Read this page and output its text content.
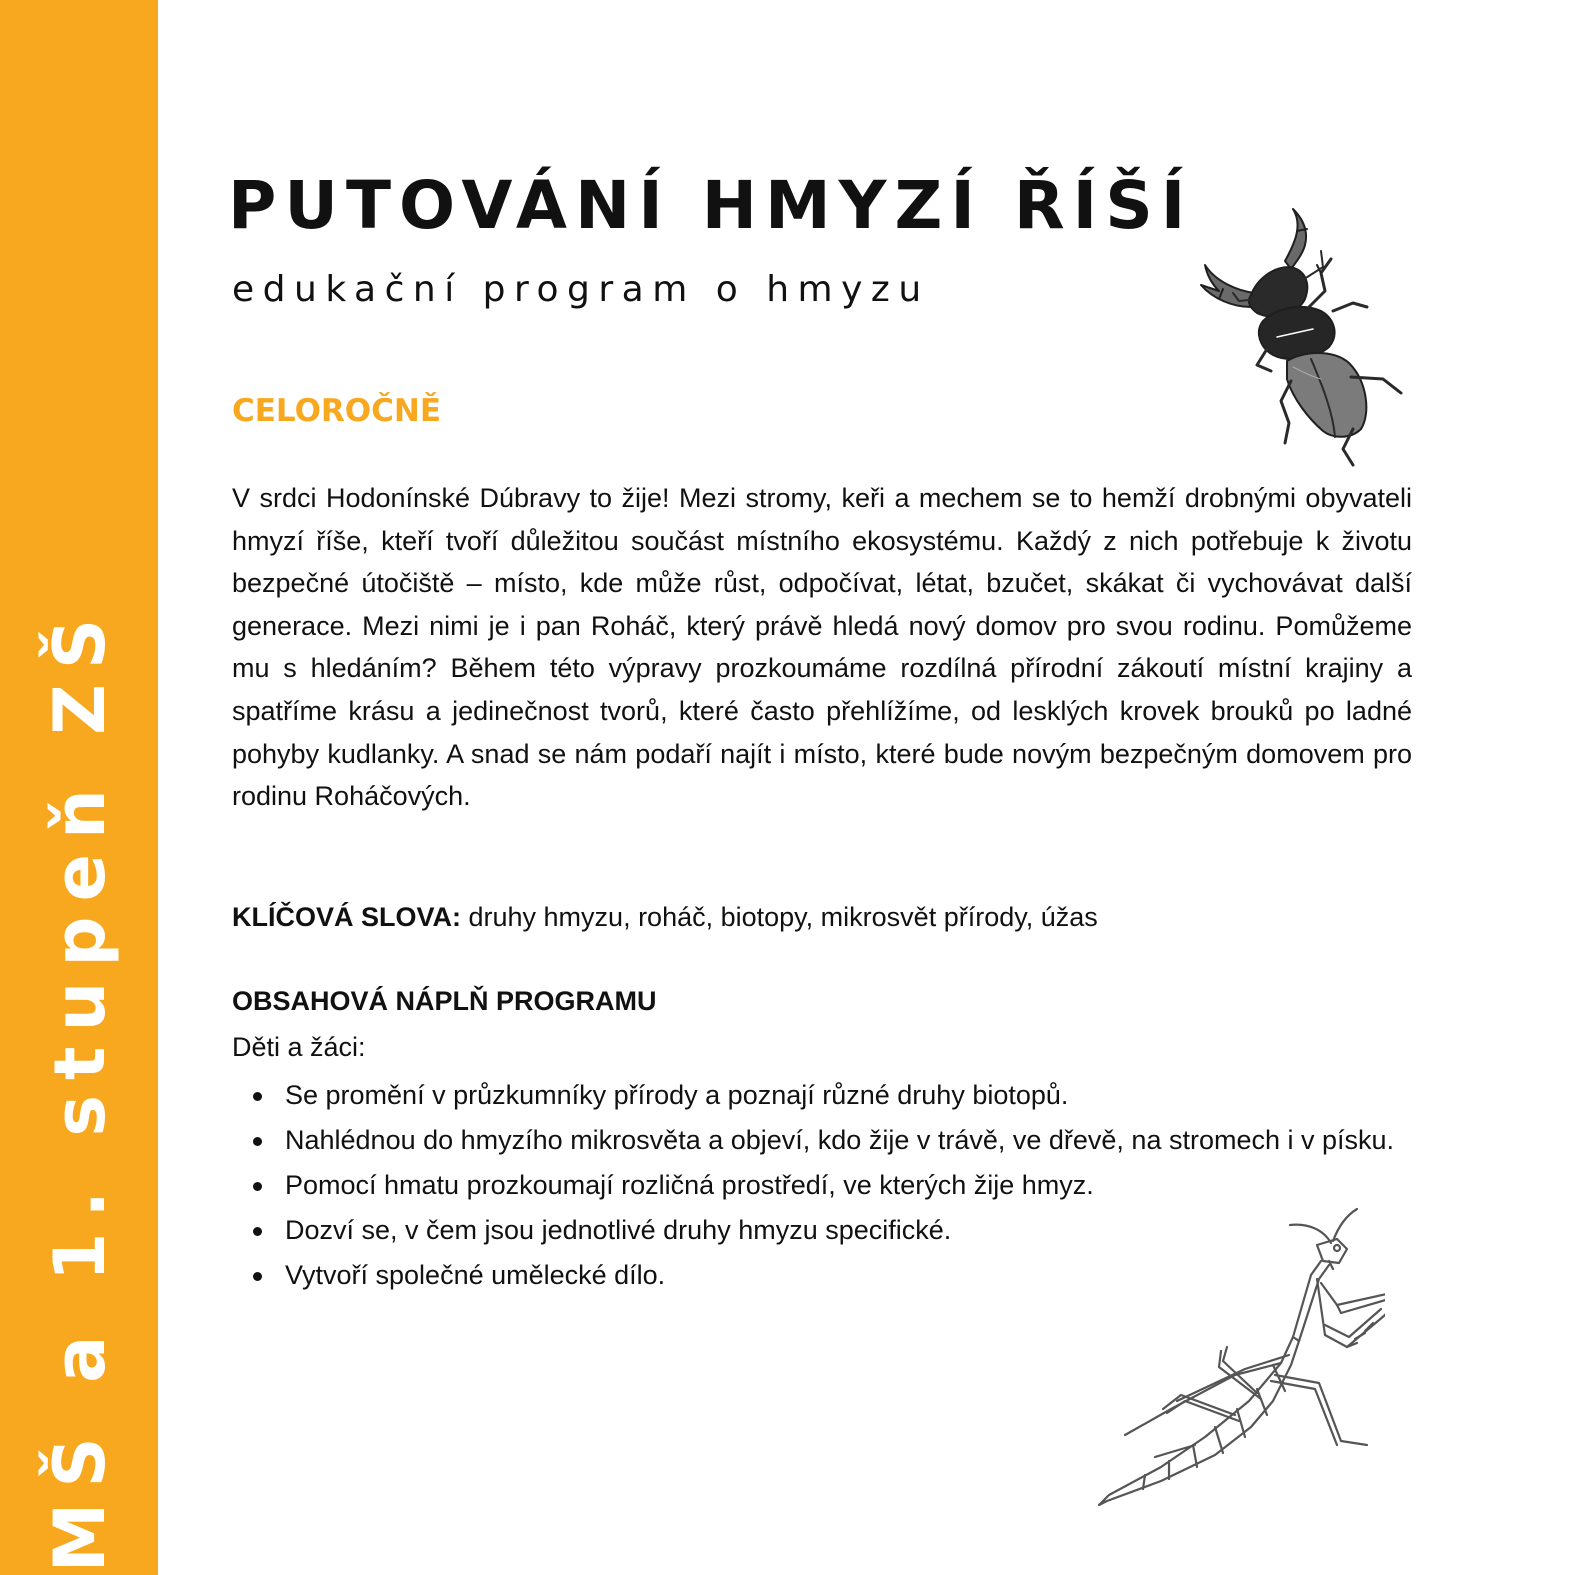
MŠ a 1. stupeň ZŠ
PUTOVÁNÍ HMYZÍ ŘÍŠÍ
edukační program o hmyzu
CELOROČNĚ

V srdci Hodonínské Dúbravy to žije! Mezi stromy, keři a mechem se to hemží drobnými obyvateli hmyzí říše, kteří tvoří důležitou součást místního ekosystému. Každý z nich potřebuje k životu bezpečné útočiště – místo, kde může růst, odpočívat, létat, bzučet, skákat či vychovávat další generace. Mezi nimi je i pan Roháč, který právě hledá nový domov pro svou rodinu. Pomůžeme mu s hledáním? Během této výpravy prozkoumáme rozdílná přírodní zákoutí místní krajiny a spatříme krásu a jedinečnost tvorů, které často přehlížíme, od lesklých krovek brouků po ladné pohyby kudlanky. A snad se nám podaří najít i místo, které bude novým bezpečným domovem pro rodinu Roháčových.

KLÍČOVÁ SLOVA: druhy hmyzu, roháč, biotopy, mikrosvět přírody, úžas
OBSAHOVÁ NÁPLŇ PROGRAMU
Děti a žáci:
Se promění v průzkumníky přírody a poznají různé druhy biotopů.
Nahlédnou do hmyzího mikrosvěta a objeví, kdo žije v trávě, ve dřevě, na stromech i v písku.
Pomocí hmatu prozkoumají rozličná prostředí, ve kterých žije hmyz.
Dozví se, v čem jsou jednotlivé druhy hmyzu specifické.
Vytvoří společné umělecké dílo.
